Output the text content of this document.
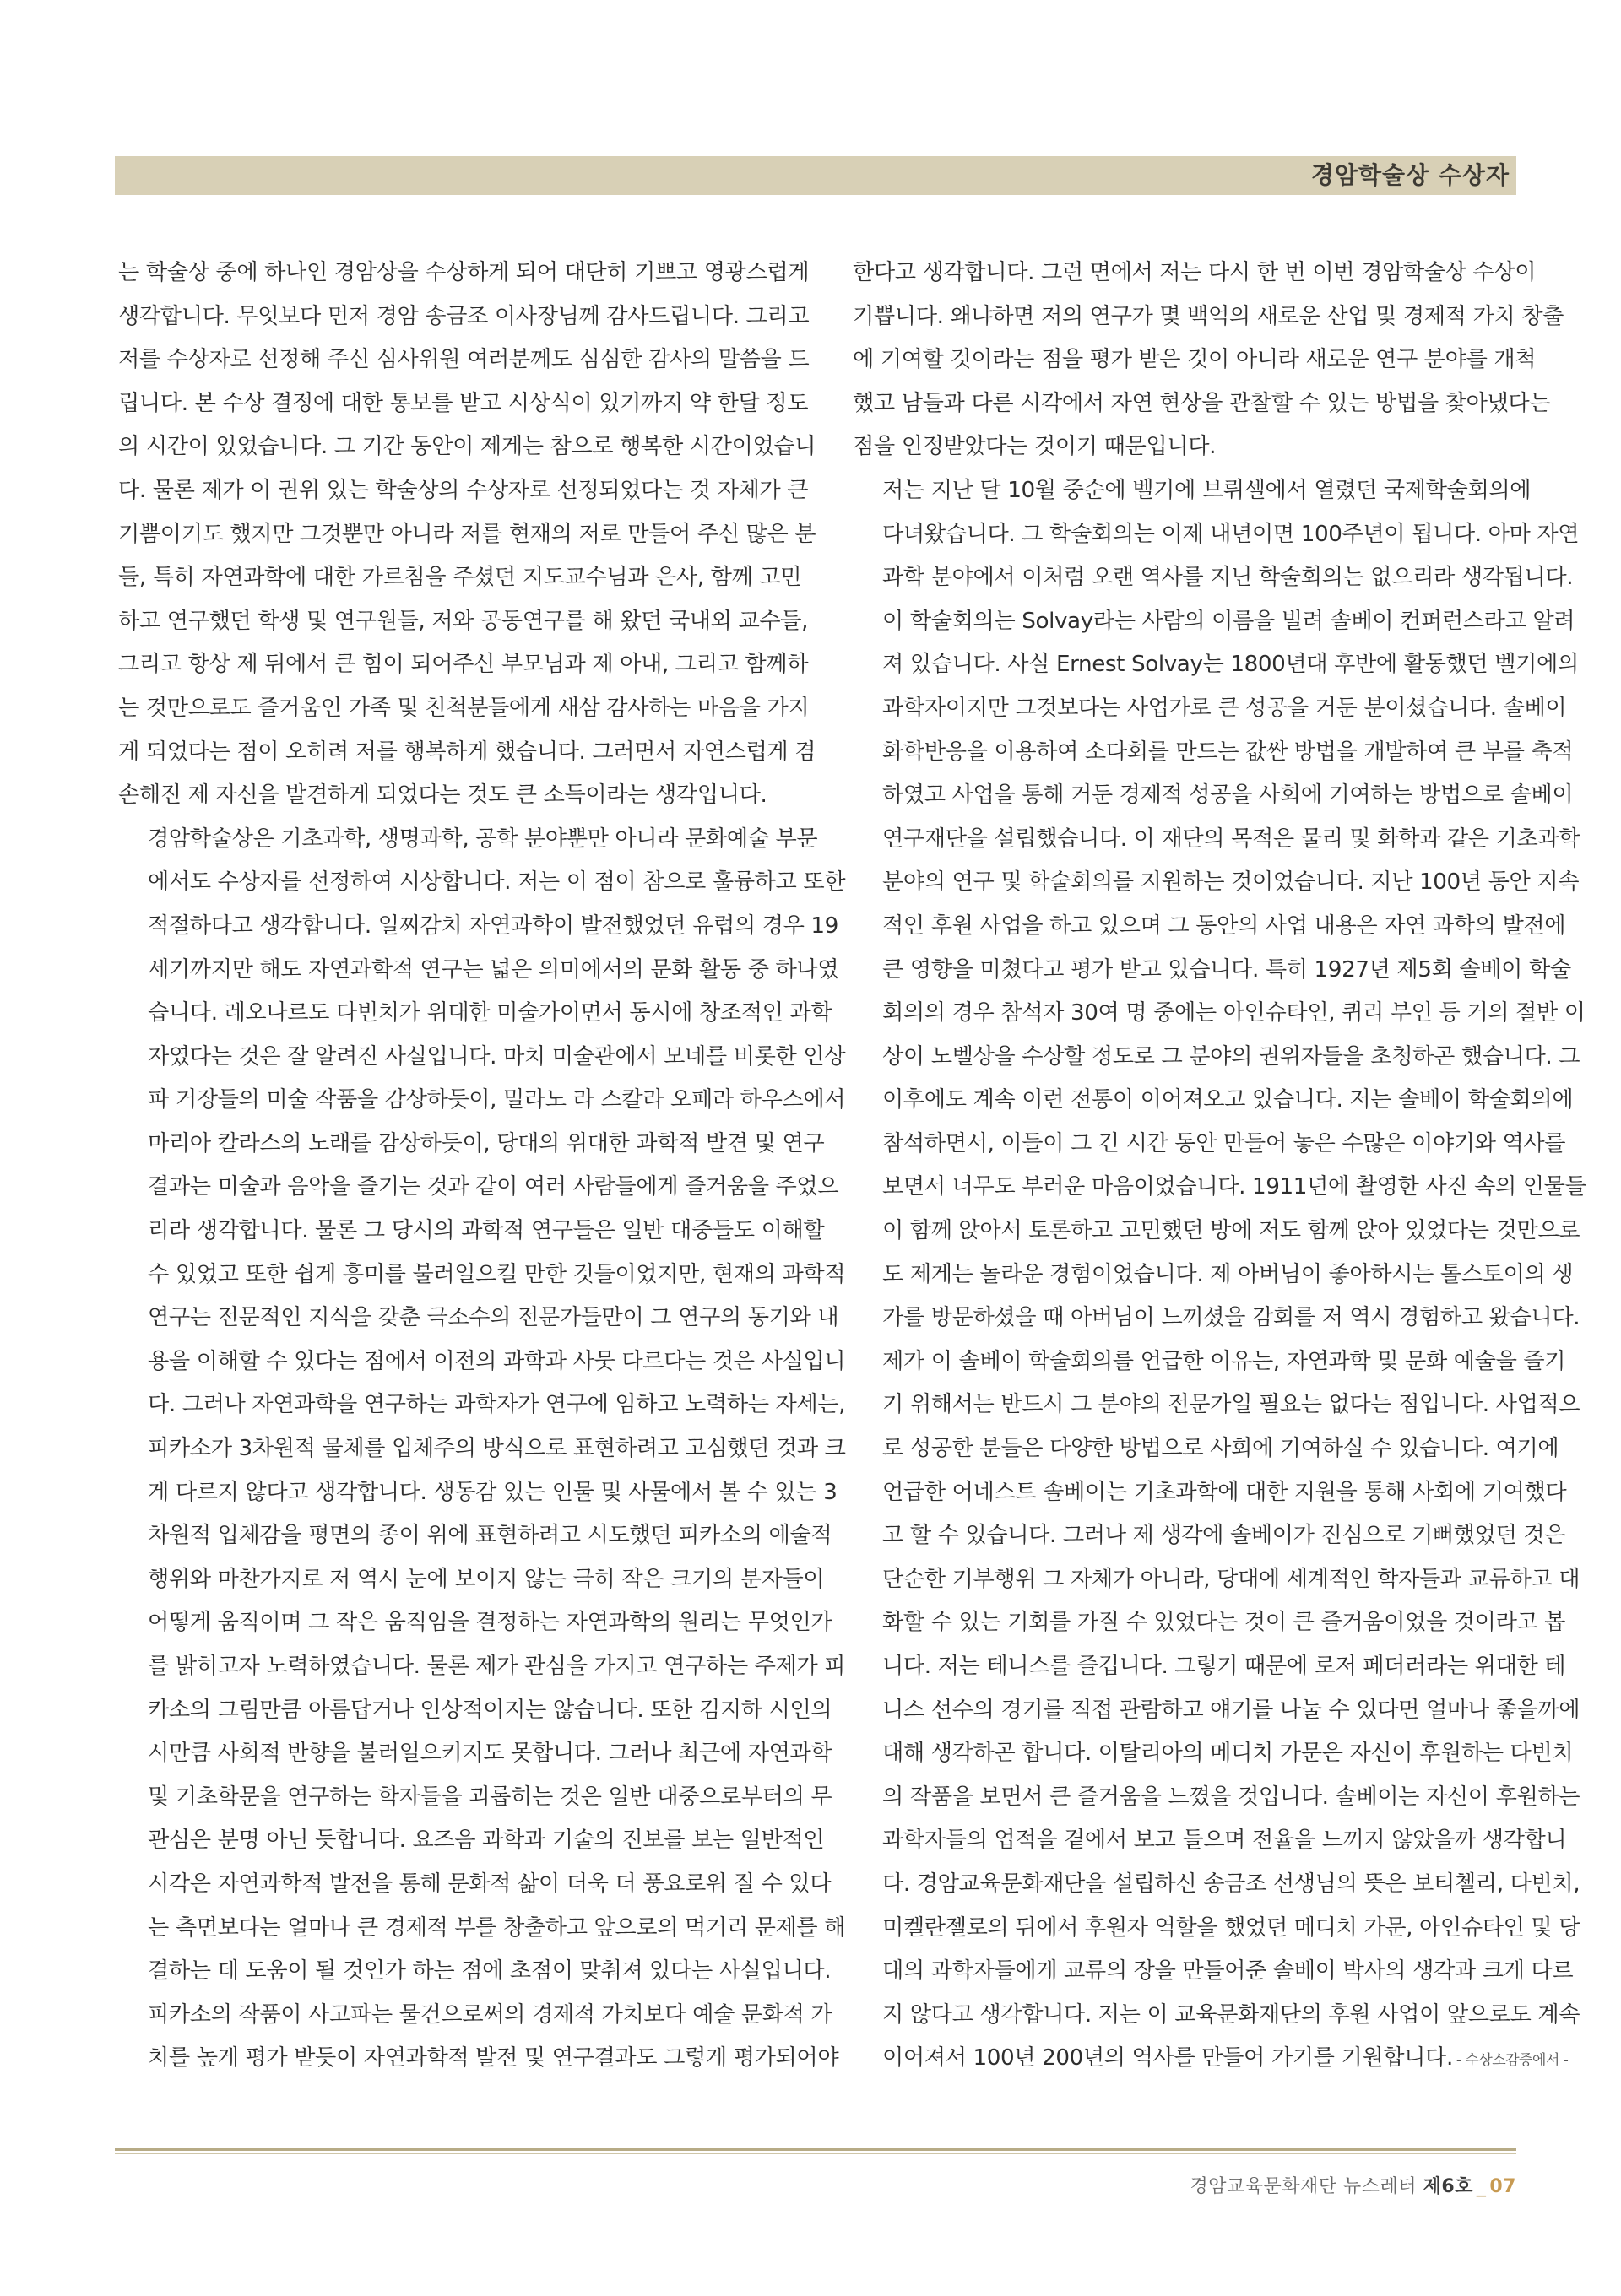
경암학술상 수상자

는 학술상 중에 하나인 경암상을 수상하게 되어 대단히 기쁘고 영광스럽게
생각합니다. 무엇보다 먼저 경암 송금조 이사장님께 감사드립니다. 그리고
저를 수상자로 선정해 주신 심사위원 여러분께도 심심한 감사의 말씀을 드
립니다. 본 수상 결정에 대한 통보를 받고 시상식이 있기까지 약 한달 정도
의 시간이 있었습니다. 그 기간 동안이 제게는 참으로 행복한 시간이었습니
다. 물론 제가 이 권위 있는 학술상의 수상자로 선정되었다는 것 자체가 큰
기쁨이기도 했지만 그것뿐만 아니라 저를 현재의 저로 만들어 주신 많은 분
들, 특히 자연과학에 대한 가르침을 주셨던 지도교수님과 은사, 함께 고민
하고 연구했던 학생 및 연구원들, 저와 공동연구를 해 왔던 국내외 교수들,
그리고 항상 제 뒤에서 큰 힘이 되어주신 부모님과 제 아내, 그리고 함께하
는 것만으로도 즐거움인 가족 및 친척분들에게 새삼 감사하는 마음을 가지
게 되었다는 점이 오히려 저를 행복하게 했습니다. 그러면서 자연스럽게 겸
손해진 제 자신을 발견하게 되었다는 것도 큰 소득이라는 생각입니다.

경암학술상은 기초과학, 생명과학, 공학 분야뿐만 아니라 문화예술 부문
에서도 수상자를 선정하여 시상합니다. 저는 이 점이 참으로 훌륭하고 또한
적절하다고 생각합니다. 일찌감치 자연과학이 발전했었던 유럽의 경우 19
세기까지만 해도 자연과학적 연구는 넓은 의미에서의 문화 활동 중 하나였
습니다. 레오나르도 다빈치가 위대한 미술가이면서 동시에 창조적인 과학
자였다는 것은 잘 알려진 사실입니다. 마치 미술관에서 모네를 비롯한 인상
파 거장들의 미술 작품을 감상하듯이, 밀라노 라 스칼라 오페라 하우스에서
마리아 칼라스의 노래를 감상하듯이, 당대의 위대한 과학적 발견 및 연구
결과는 미술과 음악을 즐기는 것과 같이 여러 사람들에게 즐거움을 주었으
리라 생각합니다. 물론 그 당시의 과학적 연구들은 일반 대중들도 이해할
수 있었고 또한 쉽게 흥미를 불러일으킬 만한 것들이었지만, 현재의 과학적
연구는 전문적인 지식을 갖춘 극소수의 전문가들만이 그 연구의 동기와 내
용을 이해할 수 있다는 점에서 이전의 과학과 사뭇 다르다는 것은 사실입니
다. 그러나 자연과학을 연구하는 과학자가 연구에 임하고 노력하는 자세는,
피카소가 3차원적 물체를 입체주의 방식으로 표현하려고 고심했던 것과 크
게 다르지 않다고 생각합니다. 생동감 있는 인물 및 사물에서 볼 수 있는 3
차원적 입체감을 평면의 종이 위에 표현하려고 시도했던 피카소의 예술적
행위와 마찬가지로 저 역시 눈에 보이지 않는 극히 작은 크기의 분자들이
어떻게 움직이며 그 작은 움직임을 결정하는 자연과학의 원리는 무엇인가
를 밝히고자 노력하였습니다. 물론 제가 관심을 가지고 연구하는 주제가 피
카소의 그림만큼 아름답거나 인상적이지는 않습니다. 또한 김지하 시인의
시만큼 사회적 반향을 불러일으키지도 못합니다. 그러나 최근에 자연과학
및 기초학문을 연구하는 학자들을 괴롭히는 것은 일반 대중으로부터의 무
관심은 분명 아닌 듯합니다. 요즈음 과학과 기술의 진보를 보는 일반적인
시각은 자연과학적 발전을 통해 문화적 삶이 더욱 더 풍요로워 질 수 있다
는 측면보다는 얼마나 큰 경제적 부를 창출하고 앞으로의 먹거리 문제를 해
결하는 데 도움이 될 것인가 하는 점에 초점이 맞춰져 있다는 사실입니다.
피카소의 작품이 사고파는 물건으로써의 경제적 가치보다 예술 문화적 가
치를 높게 평가 받듯이 자연과학적 발전 및 연구결과도 그렇게 평가되어야

한다고 생각합니다. 그런 면에서 저는 다시 한 번 이번 경암학술상 수상이
기쁩니다. 왜냐하면 저의 연구가 몇 백억의 새로운 산업 및 경제적 가치 창출
에 기여할 것이라는 점을 평가 받은 것이 아니라 새로운 연구 분야를 개척
했고 남들과 다른 시각에서 자연 현상을 관찰할 수 있는 방법을 찾아냈다는
점을 인정받았다는 것이기 때문입니다.

저는 지난 달 10월 중순에 벨기에 브뤼셀에서 열렸던 국제학술회의에
다녀왔습니다. 그 학술회의는 이제 내년이면 100주년이 됩니다. 아마 자연
과학 분야에서 이처럼 오랜 역사를 지닌 학술회의는 없으리라 생각됩니다.
이 학술회의는 Solvay라는 사람의 이름을 빌려 솔베이 컨퍼런스라고 알려
져 있습니다. 사실 Ernest Solvay는 1800년대 후반에 활동했던 벨기에의
과학자이지만 그것보다는 사업가로 큰 성공을 거둔 분이셨습니다. 솔베이
화학반응을 이용하여 소다회를 만드는 값싼 방법을 개발하여 큰 부를 축적
하였고 사업을 통해 거둔 경제적 성공을 사회에 기여하는 방법으로 솔베이
연구재단을 설립했습니다. 이 재단의 목적은 물리 및 화학과 같은 기초과학
분야의 연구 및 학술회의를 지원하는 것이었습니다. 지난 100년 동안 지속
적인 후원 사업을 하고 있으며 그 동안의 사업 내용은 자연 과학의 발전에
큰 영향을 미쳤다고 평가 받고 있습니다. 특히 1927년 제5회 솔베이 학술
회의의 경우 참석자 30여 명 중에는 아인슈타인, 퀴리 부인 등 거의 절반 이
상이 노벨상을 수상할 정도로 그 분야의 권위자들을 초청하곤 했습니다. 그
이후에도 계속 이런 전통이 이어져오고 있습니다. 저는 솔베이 학술회의에
참석하면서, 이들이 그 긴 시간 동안 만들어 놓은 수많은 이야기와 역사를
보면서 너무도 부러운 마음이었습니다. 1911년에 촬영한 사진 속의 인물들
이 함께 앉아서 토론하고 고민했던 방에 저도 함께 앉아 있었다는 것만으로
도 제게는 놀라운 경험이었습니다. 제 아버님이 좋아하시는 톨스토이의 생
가를 방문하셨을 때 아버님이 느끼셨을 감회를 저 역시 경험하고 왔습니다.
제가 이 솔베이 학술회의를 언급한 이유는, 자연과학 및 문화 예술을 즐기
기 위해서는 반드시 그 분야의 전문가일 필요는 없다는 점입니다. 사업적으
로 성공한 분들은 다양한 방법으로 사회에 기여하실 수 있습니다. 여기에
언급한 어네스트 솔베이는 기초과학에 대한 지원을 통해 사회에 기여했다
고 할 수 있습니다. 그러나 제 생각에 솔베이가 진심으로 기뻐했었던 것은
단순한 기부행위 그 자체가 아니라, 당대에 세계적인 학자들과 교류하고 대
화할 수 있는 기회를 가질 수 있었다는 것이 큰 즐거움이었을 것이라고 봅
니다. 저는 테니스를 즐깁니다. 그렇기 때문에 로저 페더러라는 위대한 테
니스 선수의 경기를 직접 관람하고 얘기를 나눌 수 있다면 얼마나 좋을까에
대해 생각하곤 합니다. 이탈리아의 메디치 가문은 자신이 후원하는 다빈치
의 작품을 보면서 큰 즐거움을 느꼈을 것입니다. 솔베이는 자신이 후원하는
과학자들의 업적을 곁에서 보고 들으며 전율을 느끼지 않았을까 생각합니
다. 경암교육문화재단을 설립하신 송금조 선생님의 뜻은 보티첼리, 다빈치,
미켈란젤로의 뒤에서 후원자 역할을 했었던 메디치 가문, 아인슈타인 및 당
대의 과학자들에게 교류의 장을 만들어준 솔베이 박사의 생각과 크게 다르
지 않다고 생각합니다. 저는 이 교육문화재단의 후원 사업이 앞으로도 계속
이어져서 100년 200년의 역사를 만들어 가기를 기원합니다. - 수상소감중에서 -

경암교육문화재단 뉴스레터 제6호 _ 07
